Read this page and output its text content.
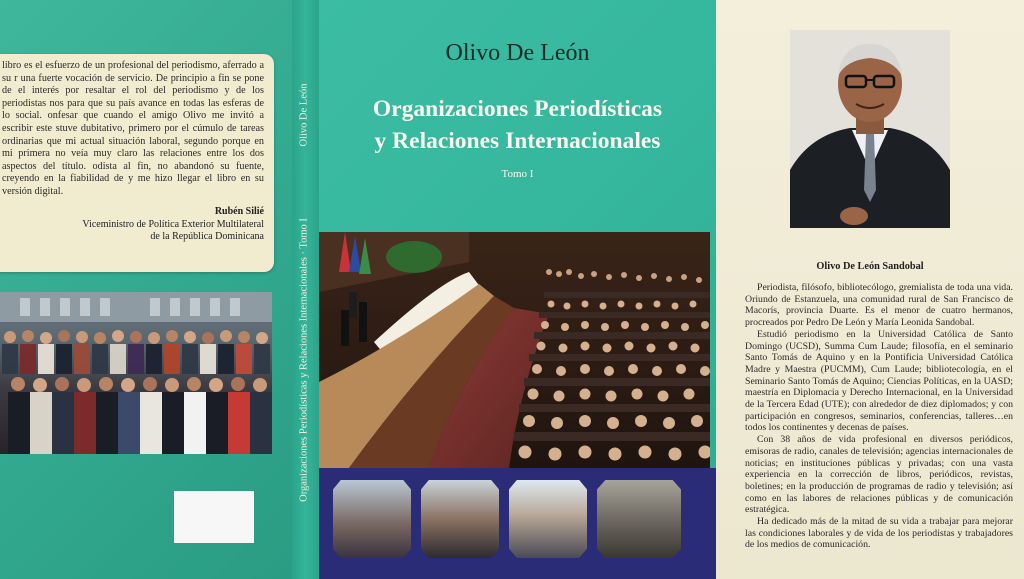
libro es el esfuerzo de un profesional del periodismo, aferrado a su r una fuerte vocación de servicio. De principio a fin se pone de el interés por resaltar el rol del periodismo y de los periodistas nos para que su país avance en todas las esferas de lo social. onfesar que cuando el amigo Olivo me invitó a escribir este stuve dubitativo, primero por el cúmulo de tareas ordinarias que mi actual situación laboral, segundo porque en mi primera no veía muy claro las relaciones entre los dos aspectos del título. odista al fin, no abandonó su fuente, creyendo en la fiabilidad de y me hizo llegar el libro en su versión digital.

Rubén Silié
Viceministro de Política Exterior Multilateral
de la República Dominicana
Olivo De León
Organizaciones Periodísticas y Relaciones Internacionales · Tomo I
Olivo De León
Organizaciones Periodísticas
y Relaciones Internacionales
Tomo I
Olivo De León Sandobal

Periodista, filósofo, bibliotecólogo, gremialista de toda una vida. Oriundo de Estanzuela, una comunidad rural de San Francisco de Macorís, provincia Duarte. Es el menor de cuatro hermanos, procreados por Pedro De León y María Leonida Sandobal.

Estudió periodismo en la Universidad Católica de Santo Domingo (UCSD), Summa Cum Laude; filosofía, en el seminario Santo Tomás de Aquino y en la Pontificia Universidad Católica Madre y Maestra (PUCMM), Cum Laude; bibliotecología, en el Seminario Santo Tomás de Aquino; Ciencias Políticas, en la UASD; maestría en Diplomacia y Derecho Internacional, en la Universidad de la Tercera Edad (UTE); con alrededor de diez diplomados; y con participación en congresos, seminarios, conferencias, talleres…en todos los continentes y decenas de países.

Con 38 años de vida profesional en diversos periódicos, emisoras de radio, canales de televisión; agencias internacionales de noticias; en instituciones públicas y privadas; con una vasta experiencia en la corrección de libros, periódicos, revistas, boletines; en la producción de programas de radio y televisión; así como en las labores de relaciones públicas y de comunicación estratégica.

Ha dedicado más de la mitad de su vida a trabajar para mejorar las condiciones laborales y de vida de los periodistas y trabajadores de los medios de comunicación.
